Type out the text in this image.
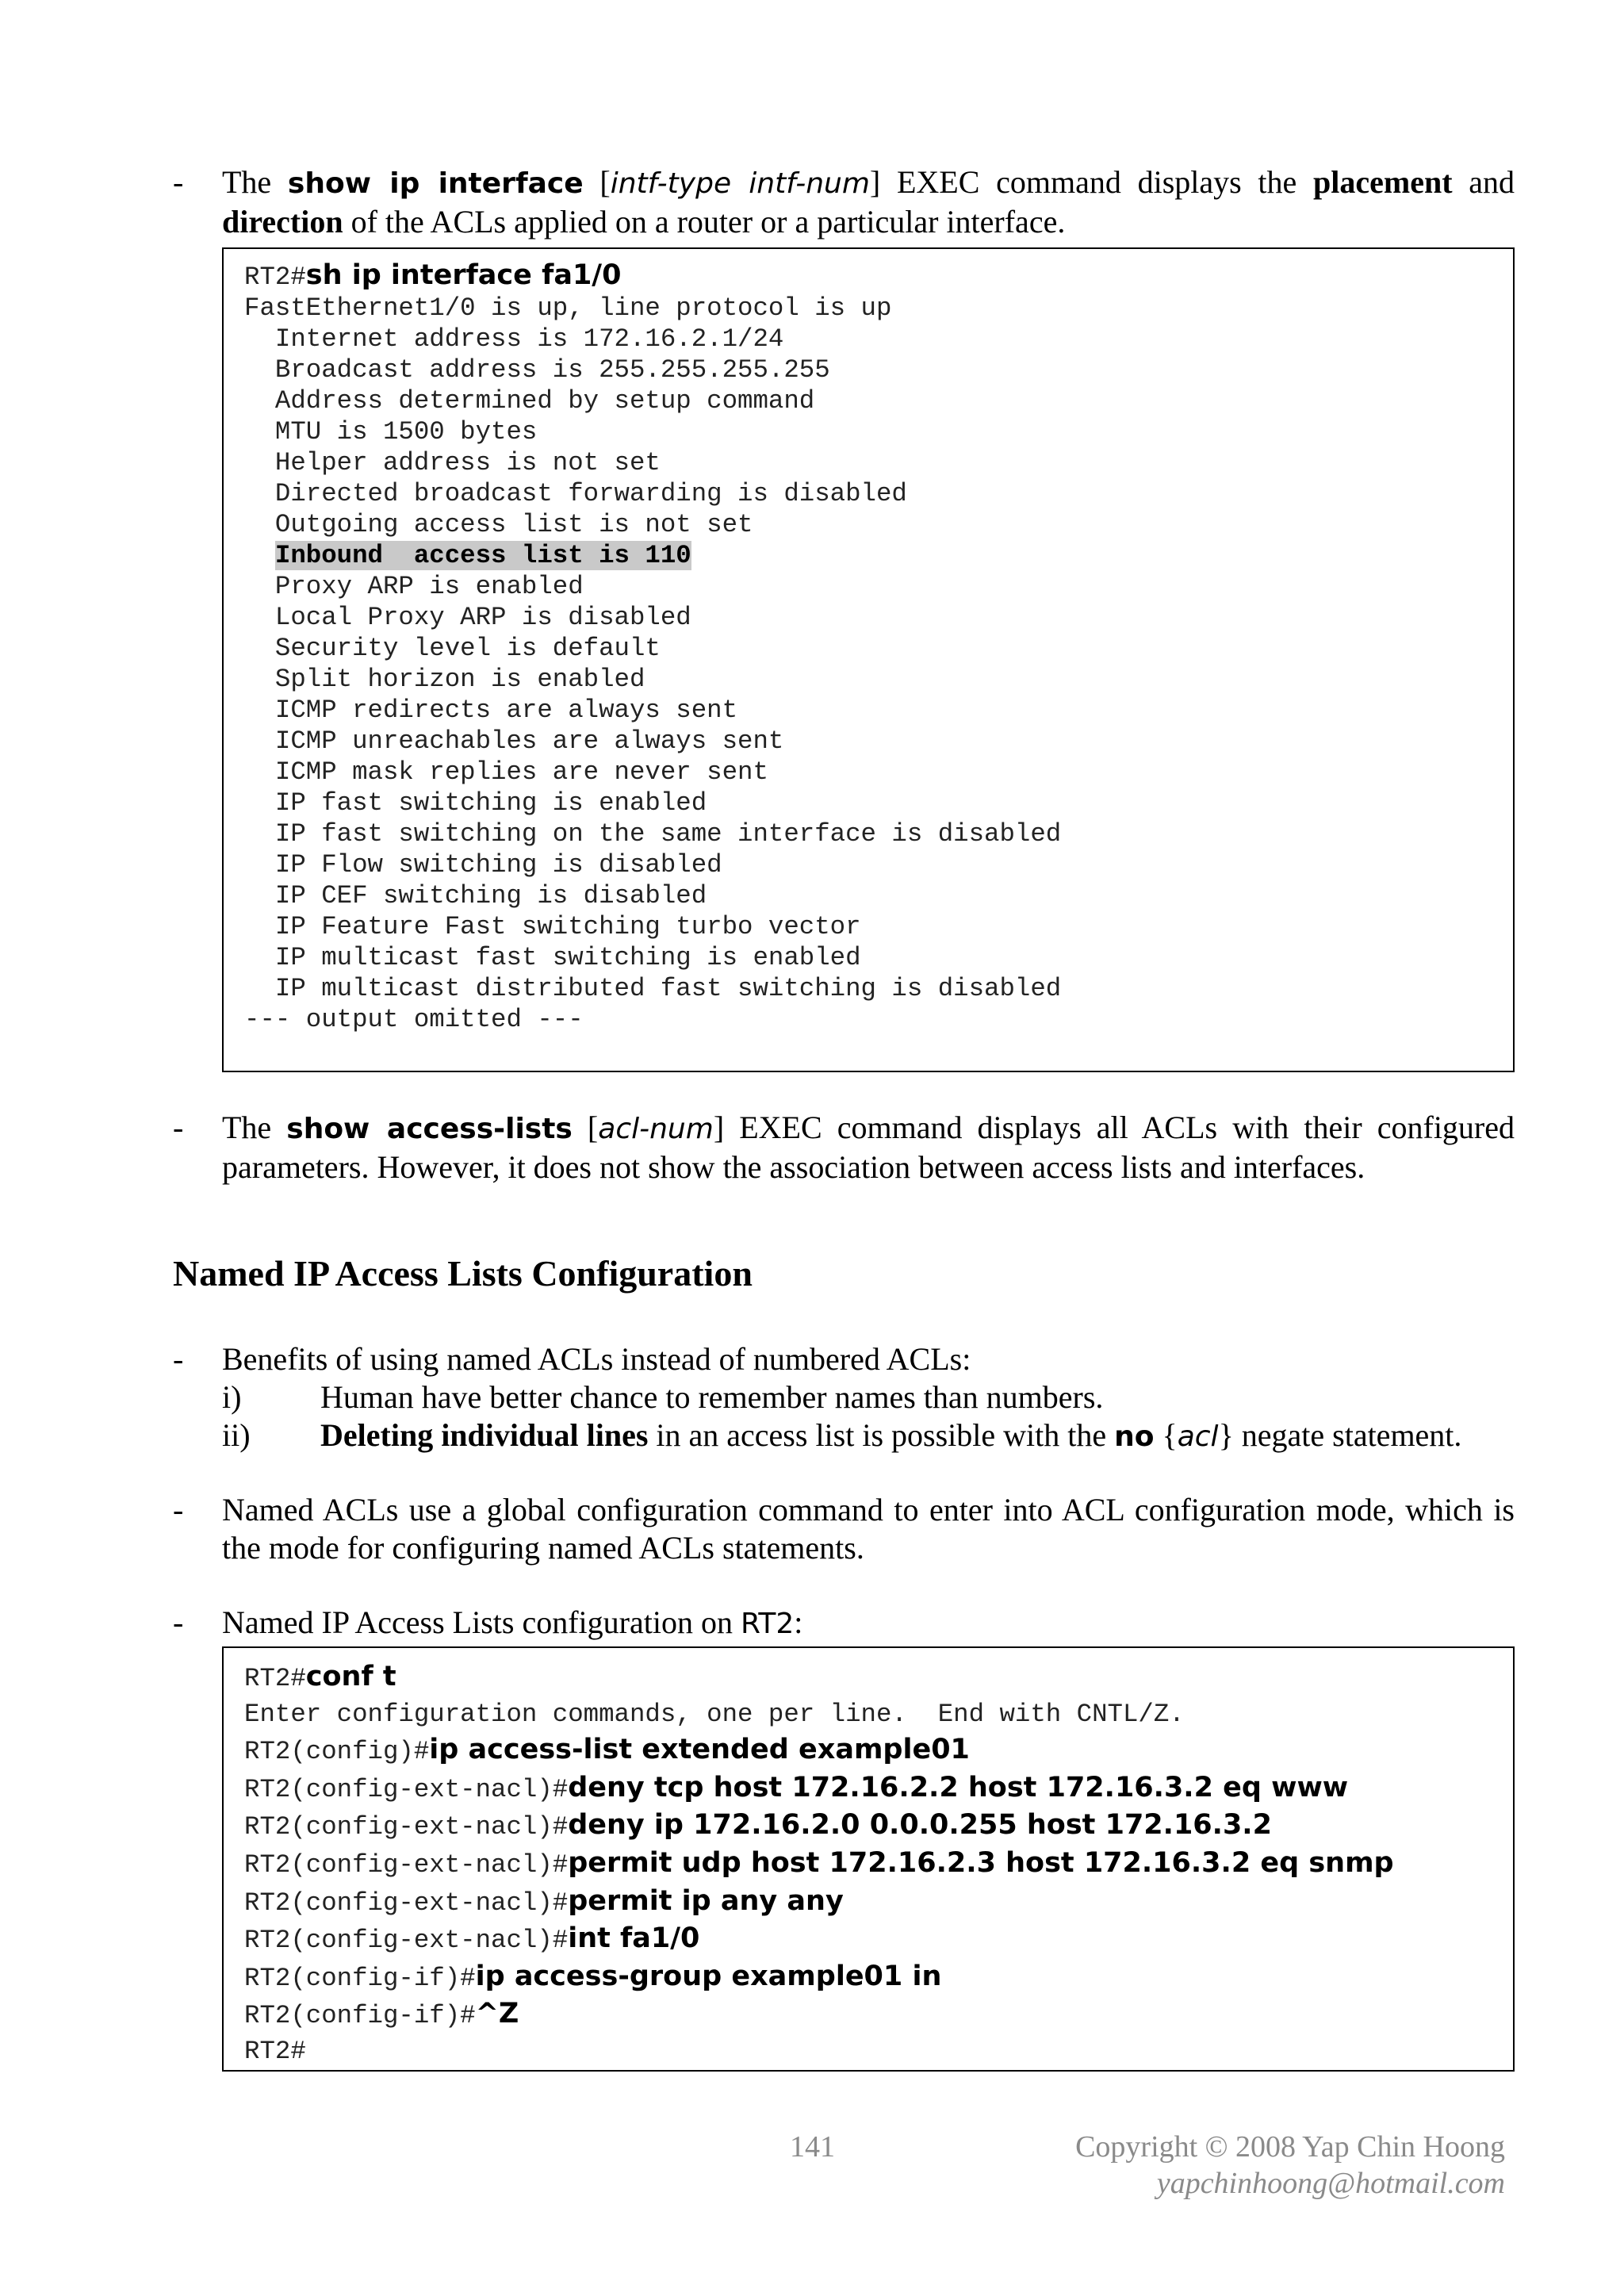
- The show ip interface [intf-type intf-num] EXEC command displays the placement and direction of the ACLs applied on a router or a particular interface.
RT2#sh ip interface fa1/0
FastEthernet1/0 is up, line protocol is up
Internet address is 172.16.2.1/24
Broadcast address is 255.255.255.255
Address determined by setup command
MTU is 1500 bytes
Helper address is not set
Directed broadcast forwarding is disabled
Outgoing access list is not set
Inbound  access list is 110
Proxy ARP is enabled
Local Proxy ARP is disabled
Security level is default
Split horizon is enabled
ICMP redirects are always sent
ICMP unreachables are always sent
ICMP mask replies are never sent
IP fast switching is enabled
IP fast switching on the same interface is disabled
IP Flow switching is disabled
IP CEF switching is disabled
IP Feature Fast switching turbo vector
IP multicast fast switching is enabled
IP multicast distributed fast switching is disabled
--- output omitted ---
- The show access-lists [acl-num] EXEC command displays all ACLs with their configured parameters. However, it does not show the association between access lists and interfaces.
Named IP Access Lists Configuration
- Benefits of using named ACLs instead of numbered ACLs:
i) Human have better chance to remember names than numbers.
ii) Deleting individual lines in an access list is possible with the no {acl} negate statement.
- Named ACLs use a global configuration command to enter into ACL configuration mode, which is the mode for configuring named ACLs statements.
- Named IP Access Lists configuration on RT2:
RT2#conf t
Enter configuration commands, one per line.  End with CNTL/Z.
RT2(config)#ip access-list extended example01
RT2(config-ext-nacl)#deny tcp host 172.16.2.2 host 172.16.3.2 eq www
RT2(config-ext-nacl)#deny ip 172.16.2.0 0.0.0.255 host 172.16.3.2
RT2(config-ext-nacl)#permit udp host 172.16.2.3 host 172.16.3.2 eq snmp
RT2(config-ext-nacl)#permit ip any any
RT2(config-ext-nacl)#int fa1/0
RT2(config-if)#ip access-group example01 in
RT2(config-if)#^Z
RT2#
141	Copyright © 2008 Yap Chin Hoong
yapchinhoong@hotmail.com
